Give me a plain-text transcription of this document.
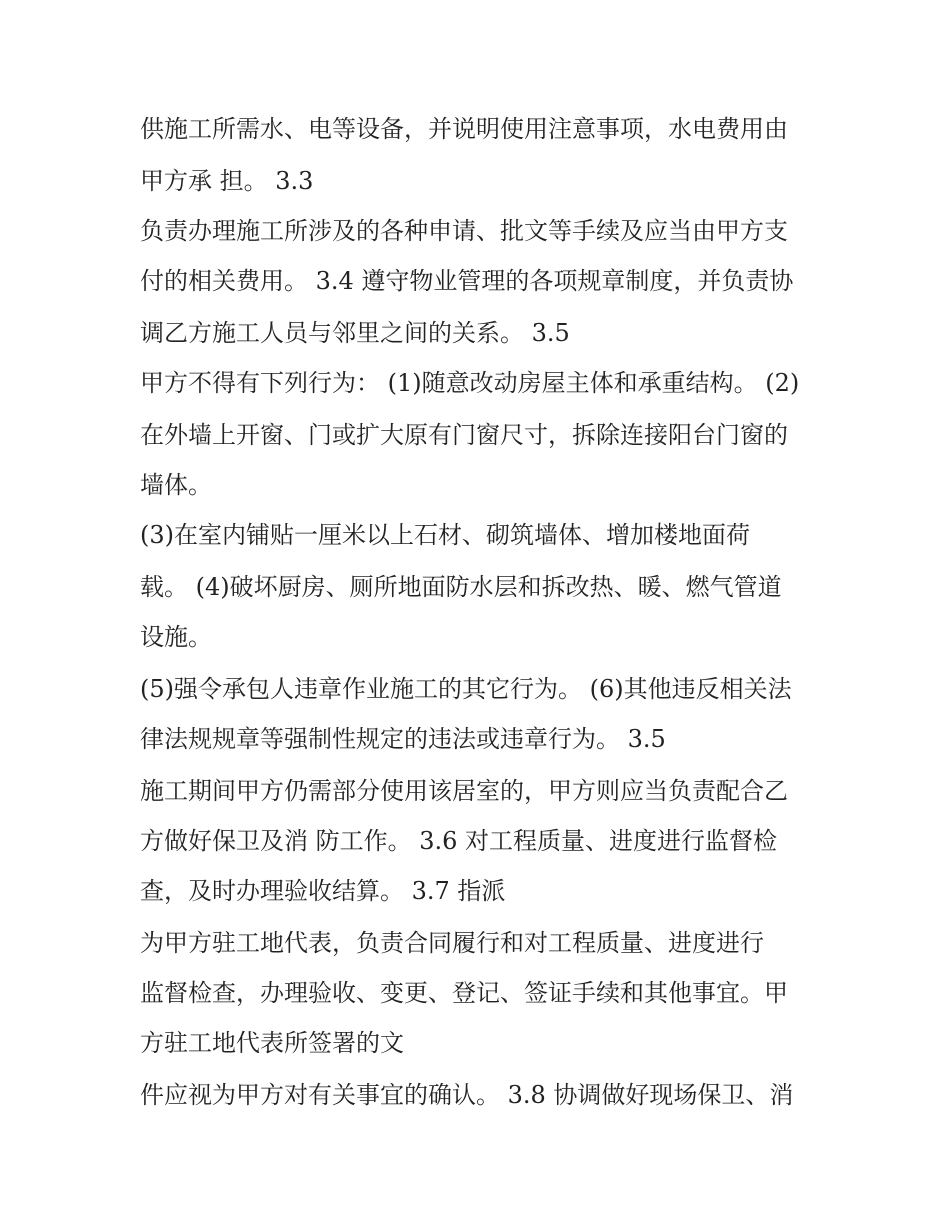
供施工所需水、电等设备，并说明使用注意事项，水电费用由
甲方承 担。 3.3
负责办理施工所涉及的各种申请、批文等手续及应当由甲方支
付的相关费用。 3.4 遵守物业管理的各项规章制度，并负责协
调乙方施工人员与邻里之间的关系。 3.5
甲方不得有下列行为： (1)随意改动房屋主体和承重结构。 (2)
在外墙上开窗、门或扩大原有门窗尺寸，拆除连接阳台门窗的
墙体。
(3)在室内铺贴一厘米以上石材、砌筑墙体、增加楼地面荷
载。 (4)破坏厨房、厕所地面防水层和拆改热、暖、燃气管道
设施。
(5)强令承包人违章作业施工的其它行为。 (6)其他违反相关法
律法规规章等强制性规定的违法或违章行为。 3.5
施工期间甲方仍需部分使用该居室的，甲方则应当负责配合乙
方做好保卫及消 防工作。 3.6 对工程质量、进度进行监督检
查，及时办理验收结算。 3.7 指派
为甲方驻工地代表，负责合同履行和对工程质量、进度进行
监督检查，办理验收、变更、登记、签证手续和其他事宜。甲
方驻工地代表所签署的文
件应视为甲方对有关事宜的确认。 3.8 协调做好现场保卫、消
